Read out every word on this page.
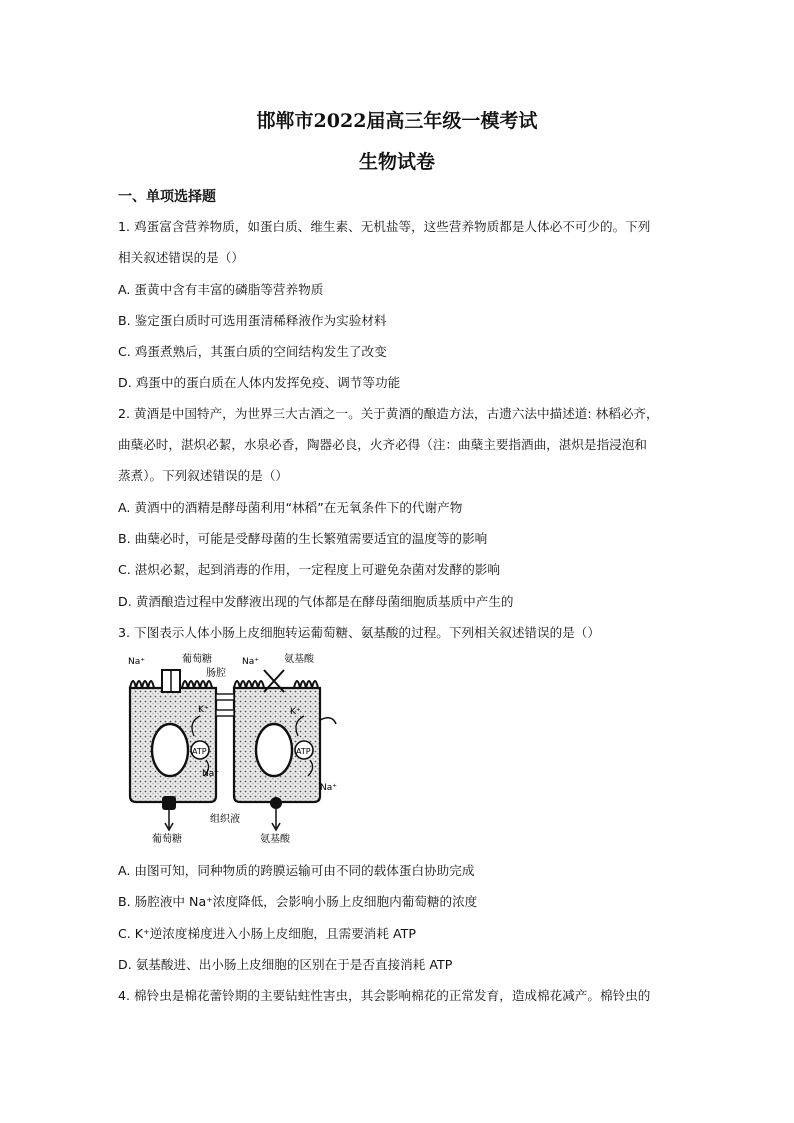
邯郸市2022届高三年级一模考试
生物试卷
一、单项选择题
1. 鸡蛋富含营养物质，如蛋白质、维生素、无机盐等，这些营养物质都是人体必不可少的。下列
相关叙述错误的是（）
A. 蛋黄中含有丰富的磷脂等营养物质
B. 鉴定蛋白质时可选用蛋清稀释液作为实验材料
C. 鸡蛋煮熟后，其蛋白质的空间结构发生了改变
D. 鸡蛋中的蛋白质在人体内发挥免疫、调节等功能
2. 黄酒是中国特产，为世界三大古酒之一。关于黄酒的酿造方法，古遗六法中描述道: 林稻必齐，
曲蘖必时，湛炽必絜，水泉必香，陶器必良，火齐必得（注：曲蘖主要指酒曲，湛炽是指浸泡和
蒸煮）。下列叙述错误的是（）
A. 黄酒中的酒精是酵母菌利用“林稻”在无氧条件下的代谢产物
B. 曲蘖必时，可能是受酵母菌的生长繁殖需要适宜的温度等的影响
C. 湛炽必絜，起到消毒的作用，一定程度上可避免杂菌对发酵的影响
D. 黄酒酿造过程中发酵液出现的气体都是在酵母菌细胞质基质中产生的
3. 下图表示人体小肠上皮细胞转运葡萄糖、氨基酸的过程。下列相关叙述错误的是（）
Na⁺	葡萄糖
肠腔
Na⁺	氨基酸
K⁺	K⁺
ATP	ATP
Na⁺
Na⁺
组织液
葡萄糖	氨基酸
A. 由图可知，同种物质的跨膜运输可由不同的载体蛋白协助完成
B. 肠腔液中 Na⁺浓度降低，会影响小肠上皮细胞内葡萄糖的浓度
C. K⁺逆浓度梯度进入小肠上皮细胞，且需要消耗 ATP
D. 氨基酸进、出小肠上皮细胞的区别在于是否直接消耗 ATP
4. 棉铃虫是棉花蕾铃期的主要钻蛀性害虫，其会影响棉花的正常发育，造成棉花减产。棉铃虫的
